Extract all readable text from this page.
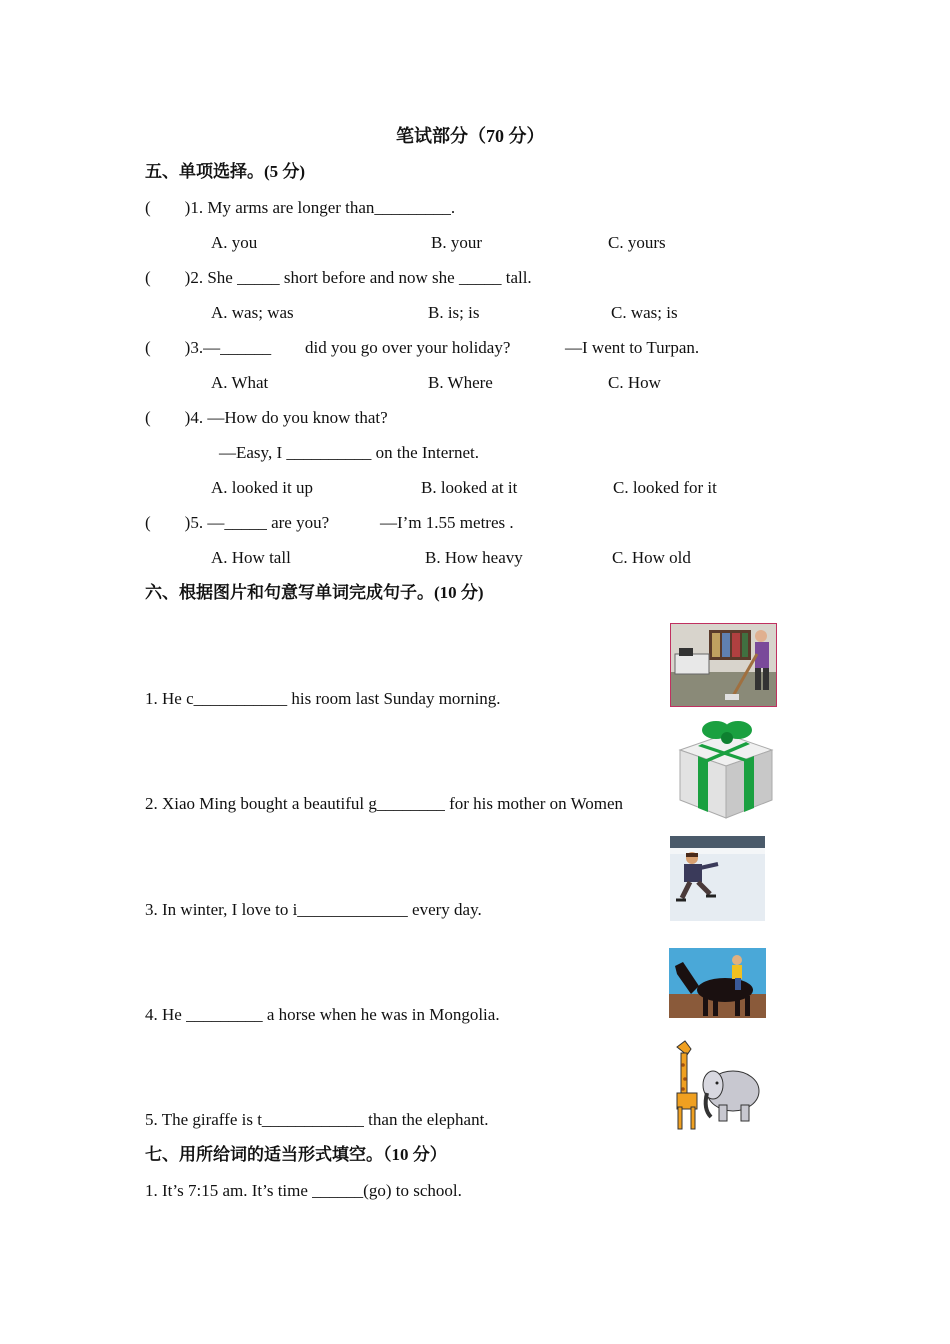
笔试部分（70 分）
五、单项选择。(5 分)
(        )1. My arms are longer than_________.
A. you	B. your	C. yours
(        )2. She _____ short before and now she _____ tall.
A. was; was	B. is; is	C. was; is
(        )3.—______ did you go over your holiday?	—I went to Turpan.
A. What	B. Where	C. How
(        )4. —How do you know that?
—Easy, I __________ on the Internet.
A. looked it up	B. looked at it	C. looked for it
(        )5. —_____ are you?	—I’m 1.55 metres .
A. How tall	B. How heavy	C. How old
六、根据图片和句意写单词完成句子。(10 分)
1. He c___________ his room last Sunday morning.
2. Xiao Ming bought a beautiful g________ for his mother on Women
3. In winter, I love to i_____________ every day.
4. He _________ a horse when he was in Mongolia.
5. The giraffe is t____________ than the elephant.
七、用所给词的适当形式填空。（10 分）
1. It’s 7:15 am. It’s time ______(go) to school.
